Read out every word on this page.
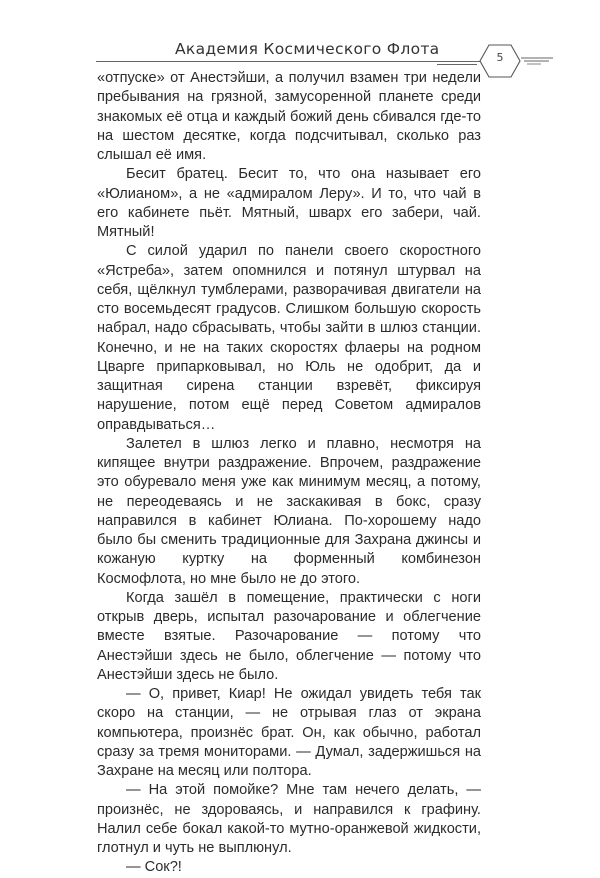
Академия Космического Флота	5

«отпуске» от Анестэйши, а получил взамен три недели пребывания на грязной, замусоренной планете среди знакомых её отца и каждый божий день сбивался где-то на шестом десятке, когда подсчитывал, сколько раз слышал её имя.

Бесит братец. Бесит то, что она называет его «Юлианом», а не «адмиралом Леру». И то, что чай в его кабинете пьёт. Мятный, шварх его забери, чай. Мятный!

С силой ударил по панели своего скоростного «Ястреба», затем опомнился и потянул штурвал на себя, щёлкнул тумблерами, разворачивая двигатели на сто восемьдесят градусов. Слишком большую скорость набрал, надо сбрасывать, чтобы зайти в шлюз станции. Конечно, и не на таких скоростях флаеры на родном Цварге припарковывал, но Юль не одобрит, да и защитная сирена станции взревёт, фиксируя нарушение, потом ещё перед Советом адмиралов оправдываться…

Залетел в шлюз легко и плавно, несмотря на кипящее внутри раздражение. Впрочем, раздражение это обуревало меня уже как минимум месяц, а потому, не переодеваясь и не заскакивая в бокс, сразу направился в кабинет Юлиана. По-хорошему надо было бы сменить традиционные для Захрана джинсы и кожаную куртку на форменный комбинезон Космофлота, но мне было не до этого.

Когда зашёл в помещение, практически с ноги открыв дверь, испытал разочарование и облегчение вместе взятые. Разочарование — потому что Анестэйши здесь не было, облегчение — потому что Анестэйши здесь не было.

— О, привет, Киар! Не ожидал увидеть тебя так скоро на станции, — не отрывая глаз от экрана компьютера, произнёс брат. Он, как обычно, работал сразу за тремя мониторами. — Думал, задержишься на Захране на месяц или полтора.

— На этой помойке? Мне там нечего делать, — произнёс, не здороваясь, и направился к графину. Налил себе бокал какой-то мутно-оранжевой жидкости, глотнул и чуть не выплюнул.

— Сок?!
